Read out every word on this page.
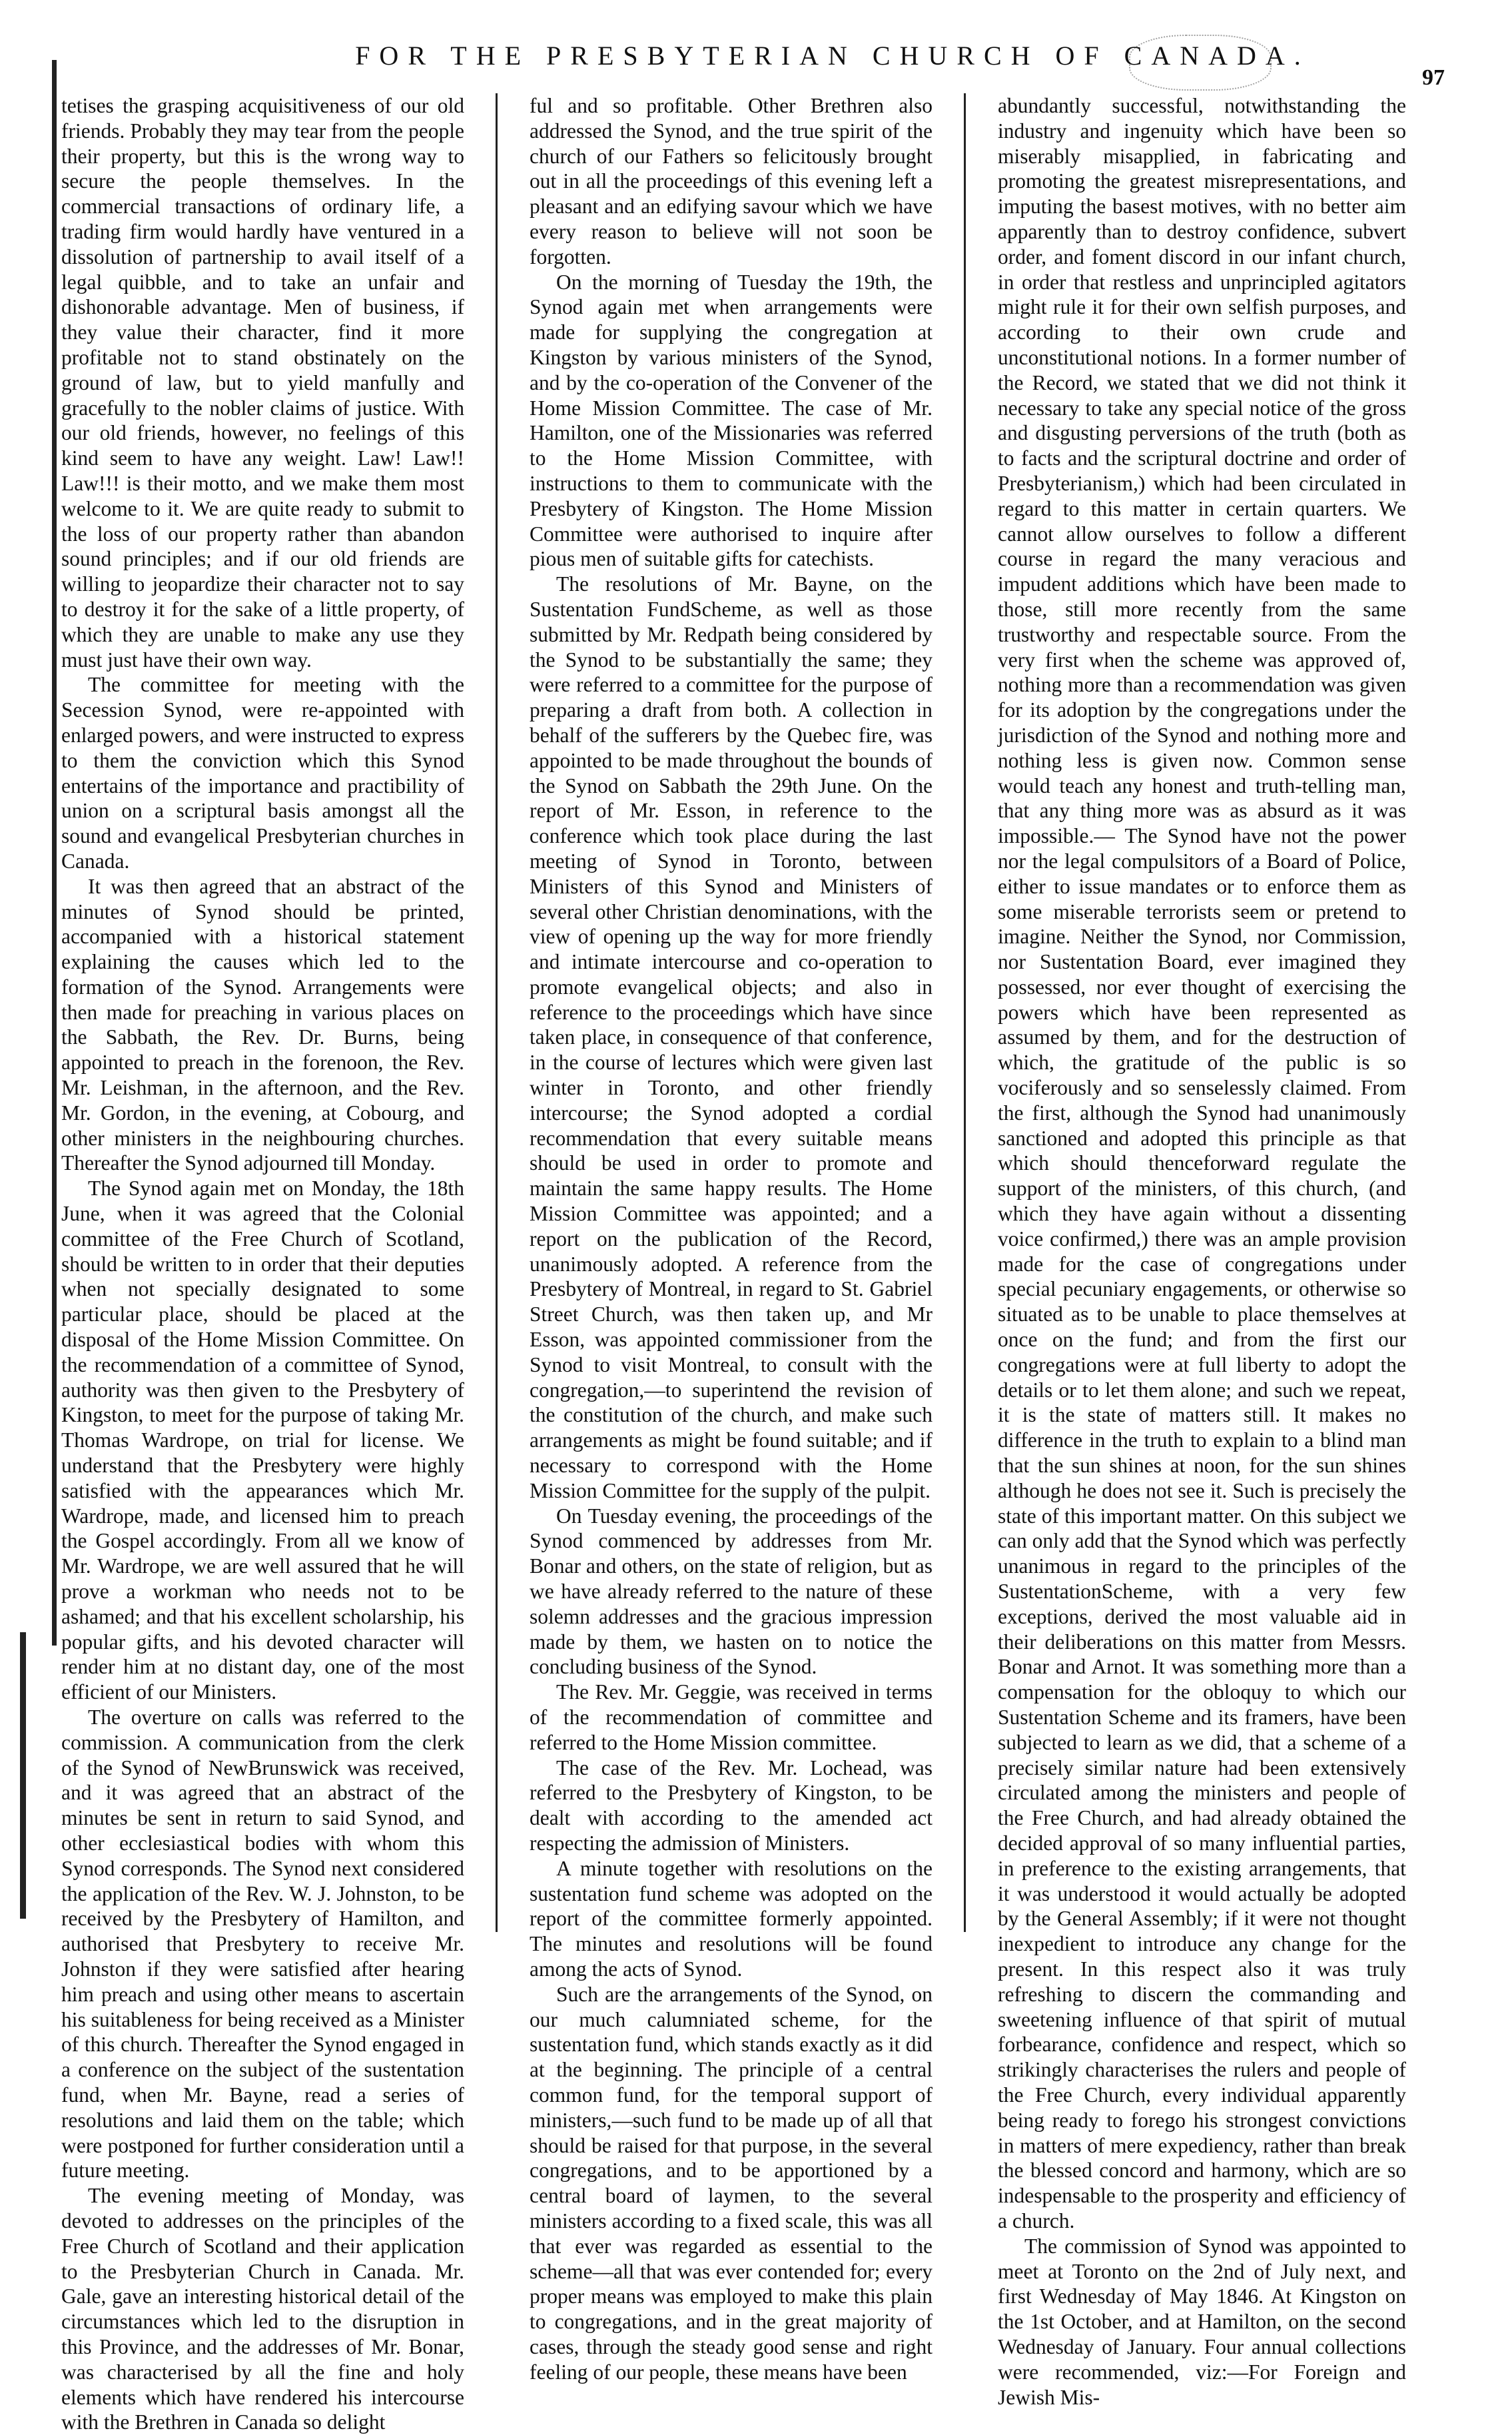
FOR THE PRESBYTERIAN CHURCH OF CANADA.
97

tetises the grasping acquisitiveness of our old friends. Probably they may tear from the people their property, but this is the wrong way to secure the people themselves. In the commercial transactions of ordinary life, a trading firm would hardly have ventured in a dissolution of partnership to avail itself of a legal quibble, and to take an unfair and dishonorable advantage. Men of business, if they value their character, find it more profitable not to stand obstinately on the ground of law, but to yield manfully and gracefully to the nobler claims of justice. With our old friends, however, no feelings of this kind seem to have any weight. Law! Law!! Law!!! is their motto, and we make them most welcome to it. We are quite ready to submit to the loss of our property rather than abandon sound principles; and if our old friends are willing to jeopardize their character not to say to destroy it for the sake of a little property, of which they are unable to make any use they must just have their own way.

The committee for meeting with the Secession Synod, were re-appointed with enlarged powers, and were instructed to express to them the conviction which this Synod entertains of the importance and practibility of union on a scriptural basis amongst all the sound and evangelical Presbyterian churches in Canada.

It was then agreed that an abstract of the minutes of Synod should be printed, accompanied with a historical statement explaining the causes which led to the formation of the Synod. Arrangements were then made for preaching in various places on the Sabbath, the Rev. Dr. Burns, being appointed to preach in the forenoon, the Rev. Mr. Leishman, in the afternoon, and the Rev. Mr. Gordon, in the evening, at Cobourg, and other ministers in the neighbouring churches. Thereafter the Synod adjourned till Monday.

The Synod again met on Monday, the 18th June, when it was agreed that the Colonial committee of the Free Church of Scotland, should be written to in order that their deputies when not specially designated to some particular place, should be placed at the disposal of the Home Mission Committee. On the recommendation of a committee of Synod, authority was then given to the Presbytery of Kingston, to meet for the purpose of taking Mr. Thomas Wardrope, on trial for license. We understand that the Presbytery were highly satisfied with the appearances which Mr. Wardrope, made, and licensed him to preach the Gospel accordingly. From all we know of Mr. Wardrope, we are well assured that he will prove a workman who needs not to be ashamed; and that his excellent scholarship, his popular gifts, and his devoted character will render him at no distant day, one of the most efficient of our Ministers.

The overture on calls was referred to the commission. A communication from the clerk of the Synod of NewBrunswick was received, and it was agreed that an abstract of the minutes be sent in return to said Synod, and other ecclesiastical bodies with whom this Synod corresponds. The Synod next considered the application of the Rev. W. J. Johnston, to be received by the Presbytery of Hamilton, and authorised that Presbytery to receive Mr. Johnston if they were satisfied after hearing him preach and using other means to ascertain his suitableness for being received as a Minister of this church. Thereafter the Synod engaged in a conference on the subject of the sustentation fund, when Mr. Bayne, read a series of resolutions and laid them on the table; which were postponed for further consideration until a future meeting.

The evening meeting of Monday, was devoted to addresses on the principles of the Free Church of Scotland and their application to the Presbyterian Church in Canada. Mr. Gale, gave an interesting historical detail of the circumstances which led to the disruption in this Province, and the addresses of Mr. Bonar, was characterised by all the fine and holy elements which have rendered his intercourse with the Brethren in Canada so delight

ful and so profitable. Other Brethren also addressed the Synod, and the true spirit of the church of our Fathers so felicitously brought out in all the proceedings of this evening left a pleasant and an edifying savour which we have every reason to believe will not soon be forgotten.

On the morning of Tuesday the 19th, the Synod again met when arrangements were made for supplying the congregation at Kingston by various ministers of the Synod, and by the co-operation of the Convener of the Home Mission Committee. The case of Mr. Hamilton, one of the Missionaries was referred to the Home Mission Committee, with instructions to them to communicate with the Presbytery of Kingston. The Home Mission Committee were authorised to inquire after pious men of suitable gifts for catechists.

The resolutions of Mr. Bayne, on the Sustentation FundScheme, as well as those submitted by Mr. Redpath being considered by the Synod to be substantially the same; they were referred to a committee for the purpose of preparing a draft from both. A collection in behalf of the sufferers by the Quebec fire, was appointed to be made throughout the bounds of the Synod on Sabbath the 29th June. On the report of Mr. Esson, in reference to the conference which took place during the last meeting of Synod in Toronto, between Ministers of this Synod and Ministers of several other Christian denominations, with the view of opening up the way for more friendly and intimate intercourse and co-operation to promote evangelical objects; and also in reference to the proceedings which have since taken place, in consequence of that conference, in the course of lectures which were given last winter in Toronto, and other friendly intercourse; the Synod adopted a cordial recommendation that every suitable means should be used in order to promote and maintain the same happy results. The Home Mission Committee was appointed; and a report on the publication of the Record, unanimously adopted. A reference from the Presbytery of Montreal, in regard to St. Gabriel Street Church, was then taken up, and Mr Esson, was appointed commissioner from the Synod to visit Montreal, to consult with the congregation,—to superintend the revision of the constitution of the church, and make such arrangements as might be found suitable; and if necessary to correspond with the Home Mission Committee for the supply of the pulpit.

On Tuesday evening, the proceedings of the Synod commenced by addresses from Mr. Bonar and others, on the state of religion, but as we have already referred to the nature of these solemn addresses and the gracious impression made by them, we hasten on to notice the concluding business of the Synod.

The Rev. Mr. Geggie, was received in terms of the recommendation of committee and referred to the Home Mission committee.

The case of the Rev. Mr. Lochead, was referred to the Presbytery of Kingston, to be dealt with according to the amended act respecting the admission of Ministers.

A minute together with resolutions on the sustentation fund scheme was adopted on the report of the committee formerly appointed. The minutes and resolutions will be found among the acts of Synod.

Such are the arrangements of the Synod, on our much calumniated scheme, for the sustentation fund, which stands exactly as it did at the beginning. The principle of a central common fund, for the temporal support of ministers,—such fund to be made up of all that should be raised for that purpose, in the several congregations, and to be apportioned by a central board of laymen, to the several ministers according to a fixed scale, this was all that ever was regarded as essential to the scheme—all that was ever contended for; every proper means was employed to make this plain to congregations, and in the great majority of cases, through the steady good sense and right feeling of our people, these means have been

abundantly successful, notwithstanding the industry and ingenuity which have been so miserably misapplied, in fabricating and promoting the greatest misrepresentations, and imputing the basest motives, with no better aim apparently than to destroy confidence, subvert order, and foment discord in our infant church, in order that restless and unprincipled agitators might rule it for their own selfish purposes, and according to their own crude and unconstitutional notions. In a former number of the Record, we stated that we did not think it necessary to take any special notice of the gross and disgusting perversions of the truth (both as to facts and the scriptural doctrine and order of Presbyterianism,) which had been circulated in regard to this matter in certain quarters. We cannot allow ourselves to follow a different course in regard the many veracious and impudent additions which have been made to those, still more recently from the same trustworthy and respectable source. From the very first when the scheme was approved of, nothing more than a recommendation was given for its adoption by the congregations under the jurisdiction of the Synod and nothing more and nothing less is given now. Common sense would teach any honest and truth-telling man, that any thing more was as absurd as it was impossible.— The Synod have not the power nor the legal compulsitors of a Board of Police, either to issue mandates or to enforce them as some miserable terrorists seem or pretend to imagine. Neither the Synod, nor Commission, nor Sustentation Board, ever imagined they possessed, nor ever thought of exercising the powers which have been represented as assumed by them, and for the destruction of which, the gratitude of the public is so vociferously and so senselessly claimed. From the first, although the Synod had unanimously sanctioned and adopted this principle as that which should thenceforward regulate the support of the ministers, of this church, (and which they have again without a dissenting voice confirmed,) there was an ample provision made for the case of congregations under special pecuniary engagements, or otherwise so situated as to be unable to place themselves at once on the fund; and from the first our congregations were at full liberty to adopt the details or to let them alone; and such we repeat, it is the state of matters still. It makes no difference in the truth to explain to a blind man that the sun shines at noon, for the sun shines although he does not see it. Such is precisely the state of this important matter. On this subject we can only add that the Synod which was perfectly unanimous in regard to the principles of the SustentationScheme, with a very few exceptions, derived the most valuable aid in their deliberations on this matter from Messrs. Bonar and Arnot. It was something more than a compensation for the obloquy to which our Sustentation Scheme and its framers, have been subjected to learn as we did, that a scheme of a precisely similar nature had been extensively circulated among the ministers and people of the Free Church, and had already obtained the decided approval of so many influential parties, in preference to the existing arrangements, that it was understood it would actually be adopted by the General Assembly; if it were not thought inexpedient to introduce any change for the present. In this respect also it was truly refreshing to discern the commanding and sweetening influence of that spirit of mutual forbearance, confidence and respect, which so strikingly characterises the rulers and people of the Free Church, every individual apparently being ready to forego his strongest convictions in matters of mere expediency, rather than break the blessed concord and harmony, which are so indespensable to the prosperity and efficiency of a church.

The commission of Synod was appointed to meet at Toronto on the 2nd of July next, and first Wednesday of May 1846. At Kingston on the 1st October, and at Hamilton, on the second Wednesday of January. Four annual collections were recommended, viz:—For Foreign and Jewish Mis-
